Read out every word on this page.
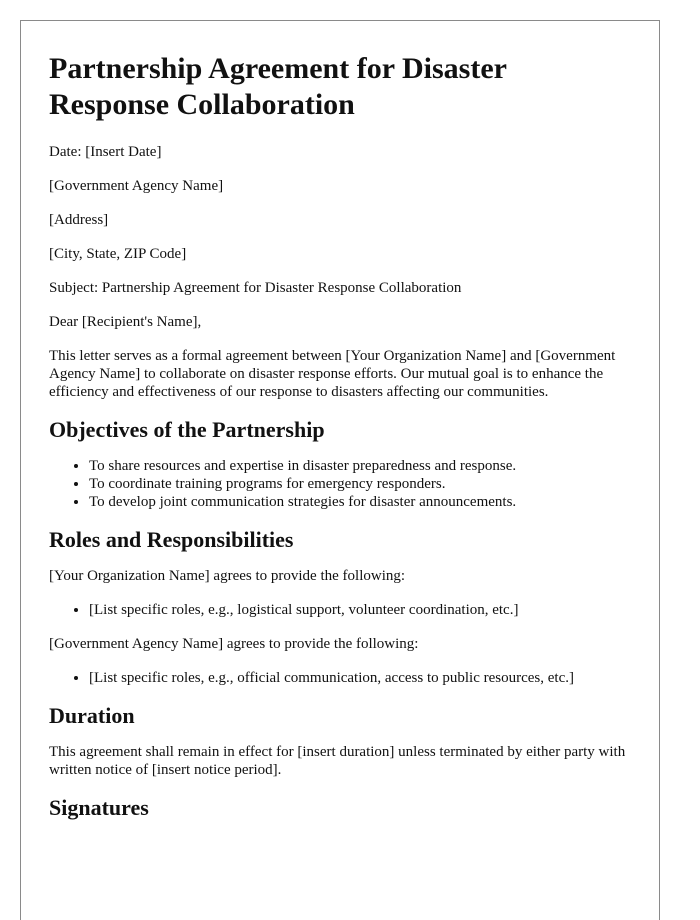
Partnership Agreement for Disaster Response Collaboration

Date: [Insert Date]

[Government Agency Name]

[Address]

[City, State, ZIP Code]

Subject: Partnership Agreement for Disaster Response Collaboration

Dear [Recipient's Name],

This letter serves as a formal agreement between [Your Organization Name] and [Government Agency Name] to collaborate on disaster response efforts. Our mutual goal is to enhance the efficiency and effectiveness of our response to disasters affecting our communities.

Objectives of the Partnership
• To share resources and expertise in disaster preparedness and response.
• To coordinate training programs for emergency responders.
• To develop joint communication strategies for disaster announcements.
Roles and Responsibilities

[Your Organization Name] agrees to provide the following:

• [List specific roles, e.g., logistical support, volunteer coordination, etc.]

[Government Agency Name] agrees to provide the following:

• [List specific roles, e.g., official communication, access to public resources, etc.]
Duration

This agreement shall remain in effect for [insert duration] unless terminated by either party with written notice of [insert notice period].

Signatures
